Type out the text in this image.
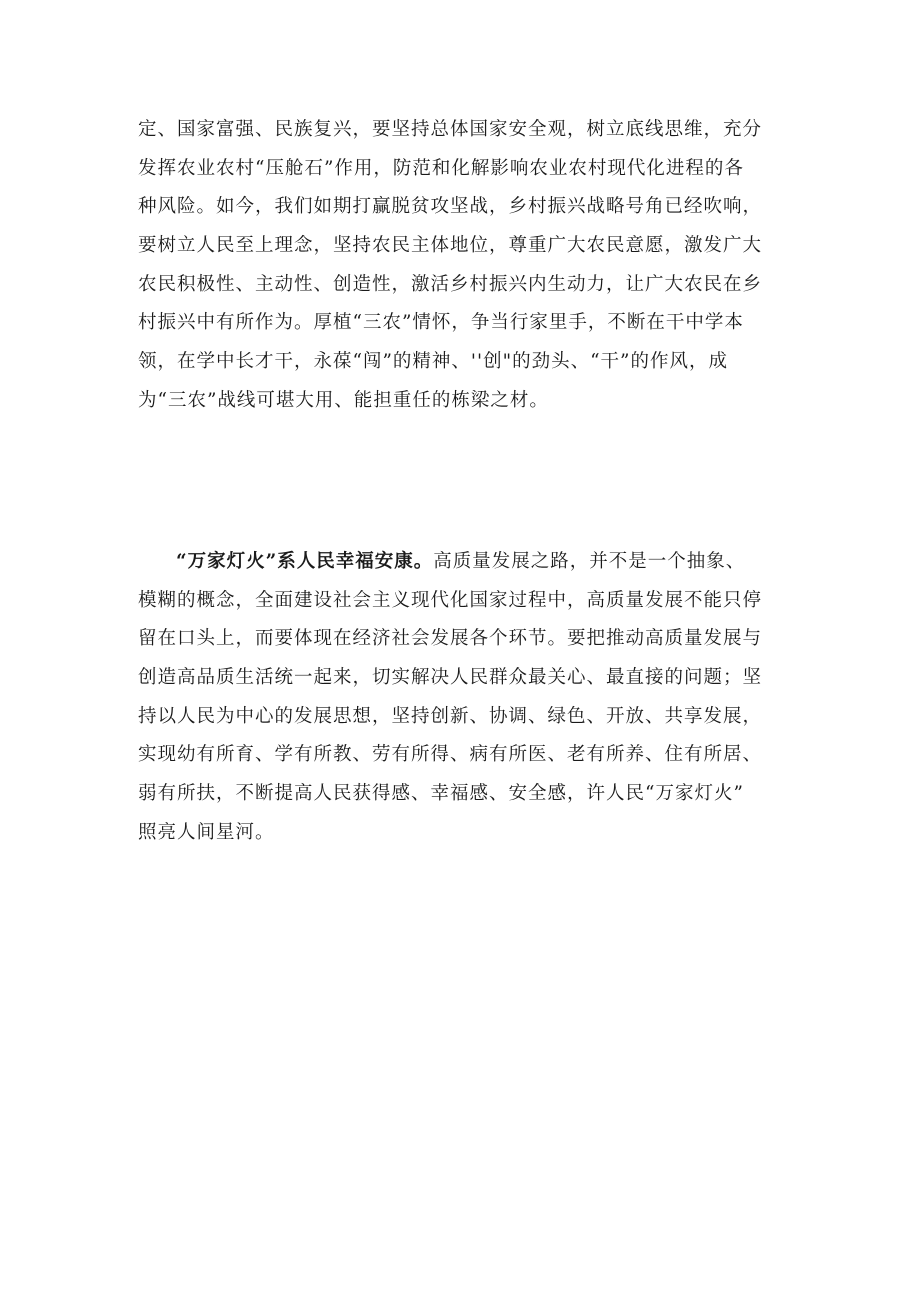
定、国家富强、民族复兴，要坚持总体国家安全观，树立底线思维，充分
发挥农业农村“压舱石”作用，防范和化解影响农业农村现代化进程的各
种风险。如今，我们如期打赢脱贫攻坚战，乡村振兴战略号角已经吹响，
要树立人民至上理念，坚持农民主体地位，尊重广大农民意愿，激发广大
农民积极性、主动性、创造性，激活乡村振兴内生动力，让广大农民在乡
村振兴中有所作为。厚植“三农”情怀，争当行家里手，不断在干中学本
领，在学中长才干，永葆“闯”的精神、''创"的劲头、“干”的作风，成
为“三农”战线可堪大用、能担重任的栋梁之材。

“万家灯火”系人民幸福安康。高质量发展之路，并不是一个抽象、
模糊的概念，全面建设社会主义现代化国家过程中，高质量发展不能只停
留在口头上，而要体现在经济社会发展各个环节。要把推动高质量发展与
创造高品质生活统一起来，切实解决人民群众最关心、最直接的问题；坚
持以人民为中心的发展思想，坚持创新、协调、绿色、开放、共享发展，
实现幼有所育、学有所教、劳有所得、病有所医、老有所养、住有所居、
弱有所扶，不断提高人民获得感、幸福感、安全感，许人民“万家灯火”
照亮人间星河。
